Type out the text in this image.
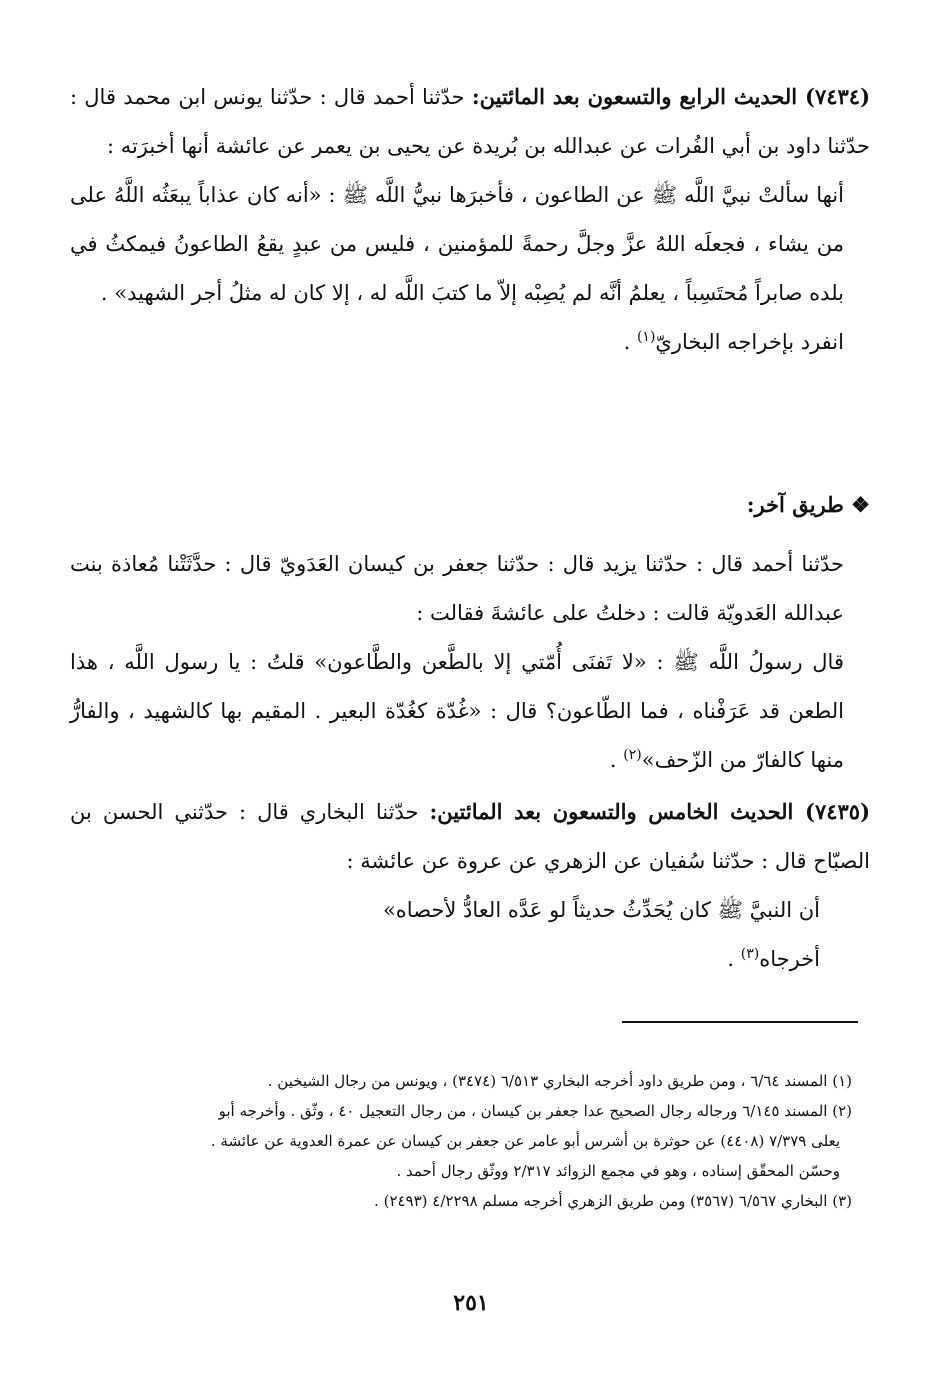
(٧٤٣٤) الحديث الرابع والتسعون بعد المائتين: حدّثنا أحمد قال : حدّثنا يونس ابن محمد قال : حدّثنا داود بن أبي الفُرات عن عبدالله بن بُريدة عن يحيى بن يعمر عن عائشة أنها أخبرَته :

أنها سألتْ نبيَّ اللَّه ﷺ عن الطاعون ، فأخبرَها نبيُّ اللَّه ﷺ : «أنه كان عذاباً يبعَثُه اللَّهُ على من يشاء ، فجعلَه اللهُ عزَّ وجلَّ رحمةً للمؤمنين ، فليس من عبدٍ يقعُ الطاعونُ فيمكثُ في بلده صابراً مُحتَسِباً ، يعلمُ أنَّه لم يُصِبْه إلاّ ما كتبَ اللَّه له ، إلا كان له مثلُ أجر الشهيد» .

انفرد بإخراجه البخاريّ$^{(١)}$ .

❖ طريق آخر:

حدّثنا أحمد قال : حدّثنا يزيد قال : حدّثنا جعفر بن كيسان العَدَويّ قال : حدَّثَتْنا مُعاذة بنت عبدالله العَدويّة قالت : دخلتُ على عائشةَ فقالت :

قال رسولُ اللَّه ﷺ : «لا تَفنَى أُمّتي إلا بالطَّعن والطَّاعون» قلتُ : يا رسول اللَّه ، هذا الطعن قد عَرَفْناه ، فما الطّاعون؟ قال : «غُدّة كغُدّة البعير . المقيم بها كالشهيد ، والفارُّ منها كالفارّ من الزّحف»$^{(٢)}$ .

(٧٤٣٥) الحديث الخامس والتسعون بعد المائتين: حدّثنا البخاري قال : حدّثني الحسن بن الصبّاح قال : حدّثنا سُفيان عن الزهري عن عروة عن عائشة :

أن النبيَّ ﷺ كان يُحَدِّثُ حديثاً لو عَدَّه العادُّ لأحصاه»

أخرجاه$^{(٣)}$ .

(١) المسند ٦/٦٤ ، ومن طريق داود أخرجه البخاري ٦/٥١٣ (٣٤٧٤) ، ويونس من رجال الشيخين .

(٢) المسند ٦/١٤٥ ورجاله رجال الصحيح عدا جعفر بن كيسان ، من رجال التعجيل ٤٠ ، وثّق . وأخرجه أبو

يعلى ٧/٣٧٩ (٤٤٠٨) عن حوثرة بن أشرس أبو عامر عن جعفر بن كيسان عن عمرة العدوية عن عائشة .

وحسّن المحقّق إسناده ، وهو في مجمع الزوائد ٢/٣١٧ ووثّق رجال أحمد .

(٣) البخاري ٦/٥٦٧ (٣٥٦٧) ومن طريق الزهري أخرجه مسلم ٤/٢٢٩٨ (٢٤٩٣) .

٢٥١
